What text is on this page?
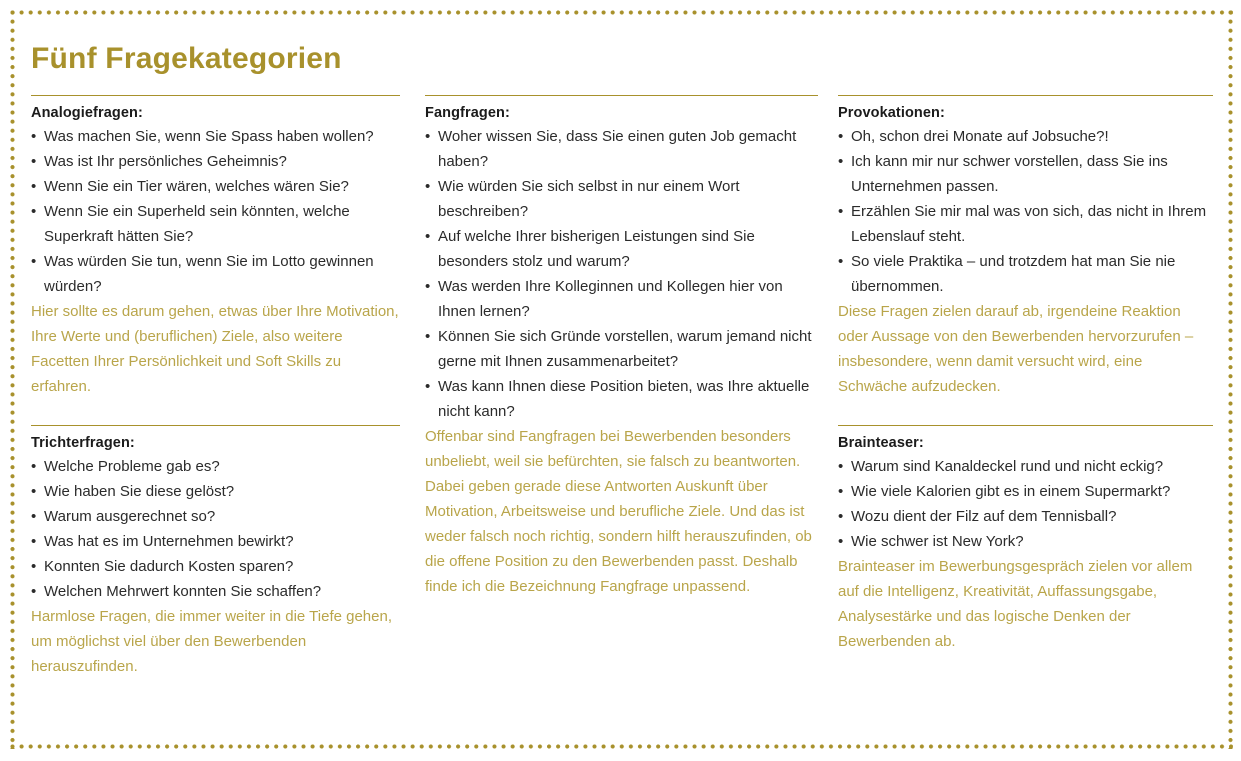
Fünf Fragekategorien
Analogiefragen:
• Was machen Sie, wenn Sie Spass haben wollen?
• Was ist Ihr persönliches Geheimnis?
• Wenn Sie ein Tier wären, welches wären Sie?
• Wenn Sie ein Superheld sein könnten, welche Superkraft hätten Sie?
• Was würden Sie tun, wenn Sie im Lotto gewinnen würden?

Hier sollte es darum gehen, etwas über Ihre Motivation, Ihre Werte und (beruflichen) Ziele, also weitere Facetten Ihrer Persönlichkeit und Soft Skills zu erfahren.

Trichterfragen:
• Welche Probleme gab es?
• Wie haben Sie diese gelöst?
• Warum ausgerechnet so?
• Was hat es im Unternehmen bewirkt?
• Konnten Sie dadurch Kosten sparen?
• Welchen Mehrwert konnten Sie schaffen?

Harmlose Fragen, die immer weiter in die Tiefe gehen, um möglichst viel über den Bewerbenden herauszufinden.

Fangfragen:
• Woher wissen Sie, dass Sie einen guten Job gemacht haben?
• Wie würden Sie sich selbst in nur einem Wort beschreiben?
• Auf welche Ihrer bisherigen Leistungen sind Sie besonders stolz und warum?
• Was werden Ihre Kolleginnen und Kollegen hier von Ihnen lernen?
• Können Sie sich Gründe vorstellen, warum jemand nicht gerne mit Ihnen zusammenarbeitet?
• Was kann Ihnen diese Position bieten, was Ihre aktuelle nicht kann?

Offenbar sind Fangfragen bei Bewerbenden besonders unbeliebt, weil sie befürchten, sie falsch zu beantworten. Dabei geben gerade diese Antworten Auskunft über Motivation, Arbeitsweise und berufliche Ziele. Und das ist weder falsch noch richtig, sondern hilft herauszufinden, ob die offene Position zu den Bewerbenden passt. Deshalb finde ich die Bezeichnung Fangfrage unpassend.

Provokationen:
• Oh, schon drei Monate auf Jobsuche?!
• Ich kann mir nur schwer vorstellen, dass Sie ins Unternehmen passen.
• Erzählen Sie mir mal was von sich, das nicht in Ihrem Lebenslauf steht.
• So viele Praktika – und trotzdem hat man Sie nie übernommen.

Diese Fragen zielen darauf ab, irgendeine Reaktion oder Aussage von den Bewerbenden hervorzurufen – insbesondere, wenn damit versucht wird, eine Schwäche aufzudecken.

Brainteaser:
• Warum sind Kanaldeckel rund und nicht eckig?
• Wie viele Kalorien gibt es in einem Supermarkt?
• Wozu dient der Filz auf dem Tennisball?
• Wie schwer ist New York?

Brainteaser im Bewerbungsgespräch zielen vor allem auf die Intelligenz, Kreativität, Auffassungsgabe, Analysestärke und das logische Denken der Bewerbenden ab.
